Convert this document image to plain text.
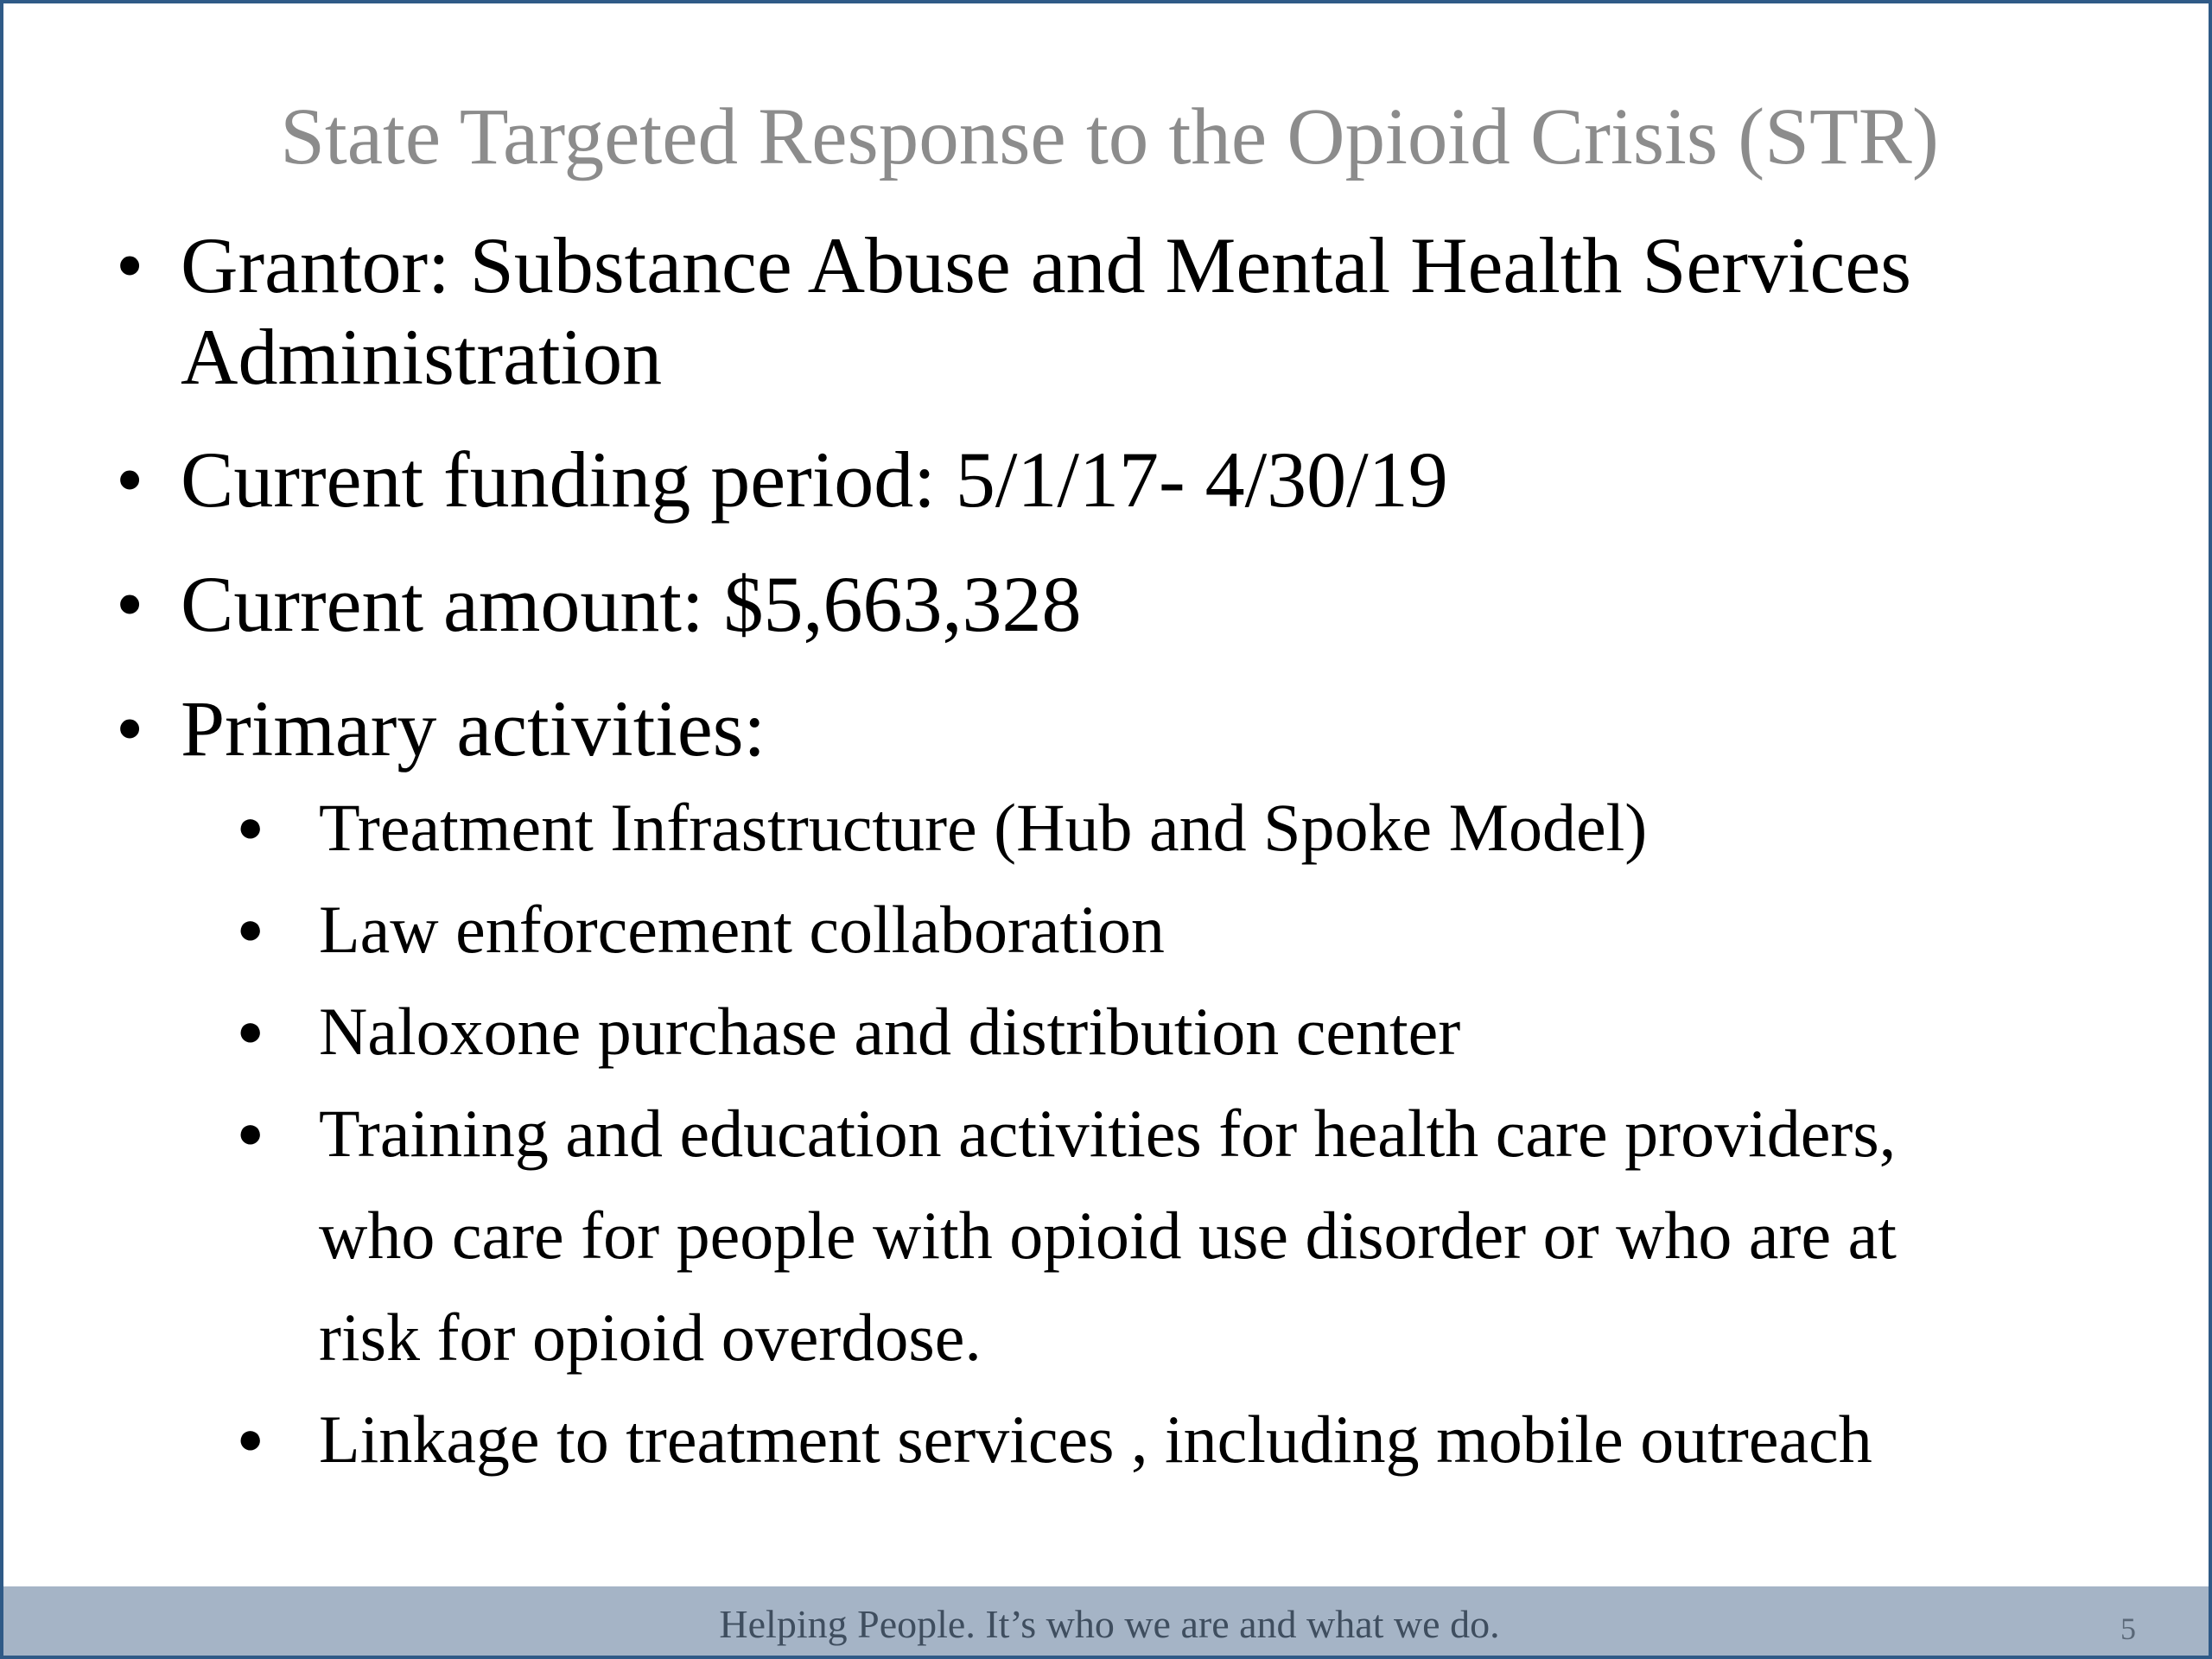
State Targeted Response to the Opioid Crisis (STR)
• Grantor: Substance Abuse and Mental Health Services
Administration
• Current funding period: 5/1/17- 4/30/19
• Current amount: $5,663,328
• Primary activities:
● Treatment Infrastructure (Hub and Spoke Model)
● Law enforcement collaboration
● Naloxone purchase and distribution center
● Training and education activities for health care providers,
who care for people with opioid use disorder or who are at
risk for opioid overdose.
● Linkage to treatment services , including mobile outreach
Helping People. It’s who we are and what we do.	5
